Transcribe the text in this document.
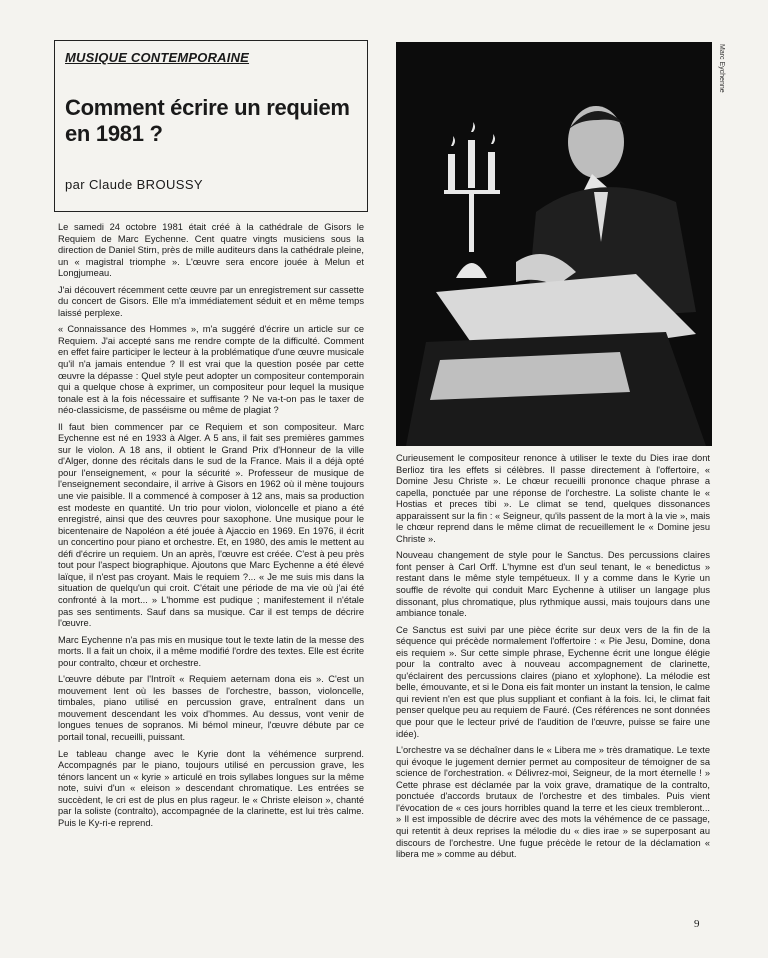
MUSIQUE CONTEMPORAINE
Comment écrire un requiem en 1981 ?
par Claude BROUSSY
Marc Eychenne

Le samedi 24 octobre 1981 était créé à la cathédrale de Gisors le Requiem de Marc Eychenne. Cent quatre vingts musiciens sous la direction de Daniel Stirn, près de mille auditeurs dans la cathédrale pleine, un « magistral triomphe ». L'œuvre sera encore jouée à Melun et Longjumeau.

J'ai découvert récemment cette œuvre par un enregistrement sur cassette du concert de Gisors. Elle m'a immédiatement séduit et en même temps laissé perplexe.

« Connaissance des Hommes », m'a suggéré d'écrire un article sur ce Requiem. J'ai accepté sans me rendre compte de la difficulté. Comment en effet faire participer le lecteur à la problématique d'une œuvre musicale qu'il n'a jamais entendue ? Il est vrai que la question posée par cette œuvre la dépasse : Quel style peut adopter un compositeur contemporain qui a quelque chose à exprimer, un compositeur pour lequel la musique tonale est à la fois nécessaire et suffisante ? Ne va-t-on pas le taxer de néo-classicisme, de passéisme ou même de plagiat ?

Il faut bien commencer par ce Requiem et son compositeur. Marc Eychenne est né en 1933 à Alger. A 5 ans, il fait ses premières gammes sur le violon. A 18 ans, il obtient le Grand Prix d'Honneur de la ville d'Alger, donne des récitals dans le sud de la France. Mais il a déjà opté pour l'enseignement, « pour la sécurité ». Professeur de musique de l'enseignement secondaire, il arrive à Gisors en 1962 où il mène toujours une vie paisible. Il a commencé à composer à 12 ans, mais sa production est modeste en quantité. Un trio pour violon, violoncelle et piano a été enregistré, ainsi que des œuvres pour saxophone. Une musique pour le bicentenaire de Napoléon a été jouée à Ajaccio en 1969. En 1976, il écrit un concertino pour piano et orchestre. Et, en 1980, des amis le mettent au défi d'écrire un requiem. Un an après, l'œuvre est créée. C'est à peu près tout pour l'aspect biographique. Ajoutons que Marc Eychenne a été élevé laïque, il n'est pas croyant. Mais le requiem ?... « Je me suis mis dans la situation de quelqu'un qui croit. C'était une période de ma vie où j'ai été confronté à la mort... » L'homme est pudique ; manifestement il n'étale pas ses sentiments. Sauf dans sa musique. Car il est temps de décrire l'œuvre.

Marc Eychenne n'a pas mis en musique tout le texte latin de la messe des morts. Il a fait un choix, il a même modifié l'ordre des textes. Elle est écrite pour contralto, chœur et orchestre.

L'œuvre débute par l'Introït « Requiem aeternam dona eis ». C'est un mouvement lent où les basses de l'orchestre, basson, violoncelle, timbales, piano utilisé en percussion grave, entraînent dans un mouvement descendant les voix d'hommes. Au dessus, vont venir de longues tenues de sopranos. Mi bémol mineur, l'œuvre débute par ce portail tonal, recueilli, puissant.

Le tableau change avec le Kyrie dont la véhémence surprend. Accompagnés par le piano, toujours utilisé en percussion grave, les ténors lancent un « kyrie » articulé en trois syllabes longues sur la même note, suivi d'un « eleison » descendant chromatique. Les entrées se succèdent, le cri est de plus en plus rageur. le « Christe eleison », chanté par la soliste (contralto), accompagnée de la clarinette, est lui très calme. Puis le Ky-ri-e reprend.

Curieusement le compositeur renonce à utiliser le texte du Dies irae dont Berlioz tira les effets si célèbres. Il passe directement à l'offertoire, « Domine Jesu Christe ». Le chœur recueilli prononce chaque phrase a capella, ponctuée par une réponse de l'orchestre. La soliste chante le « Hostias et preces tibi ». Le climat se tend, quelques dissonances apparaissent sur la fin : « Seigneur, qu'ils passent de la mort à la vie », mais le chœur reprend dans le même climat de recueillement le « Domine jesu Christe ».

Nouveau changement de style pour le Sanctus. Des percussions claires font penser à Carl Orff. L'hymne est d'un seul tenant, le « benedictus » restant dans le même style tempétueux. Il y a comme dans le Kyrie un souffle de révolte qui conduit Marc Eychenne à utiliser un langage plus dissonant, plus chromatique, plus rythmique aussi, mais toujours dans une ambiance tonale.

Ce Sanctus est suivi par une pièce écrite sur deux vers de la fin de la séquence qui précède normalement l'offertoire : « Pie Jesu, Domine, dona eis requiem ». Sur cette simple phrase, Eychenne écrit une longue élégie pour la contralto avec à nouveau accompagnement de clarinette, qu'éclairent des percussions claires (piano et xylophone). La mélodie est belle, émouvante, et si le Dona eis fait monter un instant la tension, le calme qui revient n'en est que plus suppliant et confiant à la fois. Ici, le climat fait penser quelque peu au requiem de Fauré. (Ces références ne sont données que pour que le lecteur privé de l'audition de l'œuvre, puisse se faire une idée).

L'orchestre va se déchaîner dans le « Libera me » très dramatique. Le texte qui évoque le jugement dernier permet au compositeur de témoigner de sa science de l'orchestration. « Délivrez-moi, Seigneur, de la mort éternelle ! » Cette phrase est déclamée par la voix grave, dramatique de la contralto, ponctuée d'accords brutaux de l'orchestre et des timbales. Puis vient l'évocation de « ces jours horribles quand la terre et les cieux trembleront... » Il est impossible de décrire avec des mots la véhémence de ce passage, qui retentit à deux reprises la mélodie du « dies irae » se superposant au discours de l'orchestre. Une fugue précède le retour de la déclamation « libera me » comme au début.

9
